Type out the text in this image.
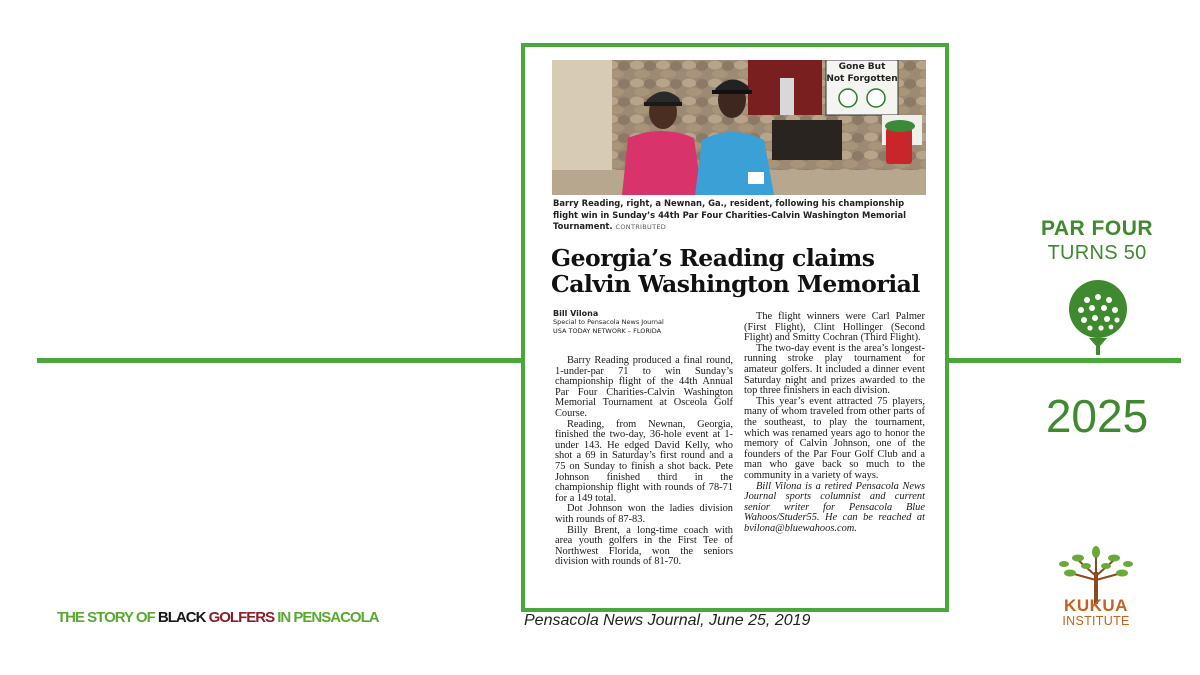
Gone But
Not Forgotten
Barry Reading, right, a Newnan, Ga., resident, following his championship flight win in Sunday’s 44th Par Four Charities-Calvin Washington Memorial Tournament. CONTRIBUTED
Georgia’s Reading claims
Calvin Washington Memorial
Bill Vilona
Special to Pensacola News Journal
USA TODAY NETWORK – FLORIDA

Barry Reading produced a final round, 1-under-par 71 to win Sunday’s championship flight of the 44th Annual Par Four Charities-Calvin Washington Memorial Tournament at Osceola Golf Course.

Reading, from Newnan, Georgia, finished the two-day, 36-hole event at 1-under 143. He edged David Kelly, who shot a 69 in Saturday’s first round and a 75 on Sunday to finish a shot back. Pete Johnson finished third in the championship flight with rounds of 78-71 for a 149 total.

Dot Johnson won the ladies division with rounds of 87-83.

Billy Brent, a long-time coach with area youth golfers in the First Tee of Northwest Florida, won the seniors division with rounds of 81-70.

The flight winners were Carl Palmer (First Flight), Clint Hollinger (Second Flight) and Smitty Cochran (Third Flight).

The two-day event is the area’s longest-running stroke play tournament for amateur golfers. It included a dinner event Saturday night and prizes awarded to the top three finishers in each division.

This year’s event attracted 75 players, many of whom traveled from other parts of the southeast, to play the tournament, which was renamed years ago to honor the memory of Calvin Johnson, one of the founders of the Par Four Golf Club and a man who gave back so much to the community in a variety of ways.

Bill Vilona is a retired Pensacola News Journal sports columnist and current senior writer for Pensacola Blue Wahoos/Studer55. He can be reached at bvilona@bluewahoos.com.

PAR FOUR
TURNS 50
2025
THE STORY OF BLACK GOLFERS IN PENSACOLA	Pensacola News Journal, June 25, 2019
KUKUA
INSTITUTE
